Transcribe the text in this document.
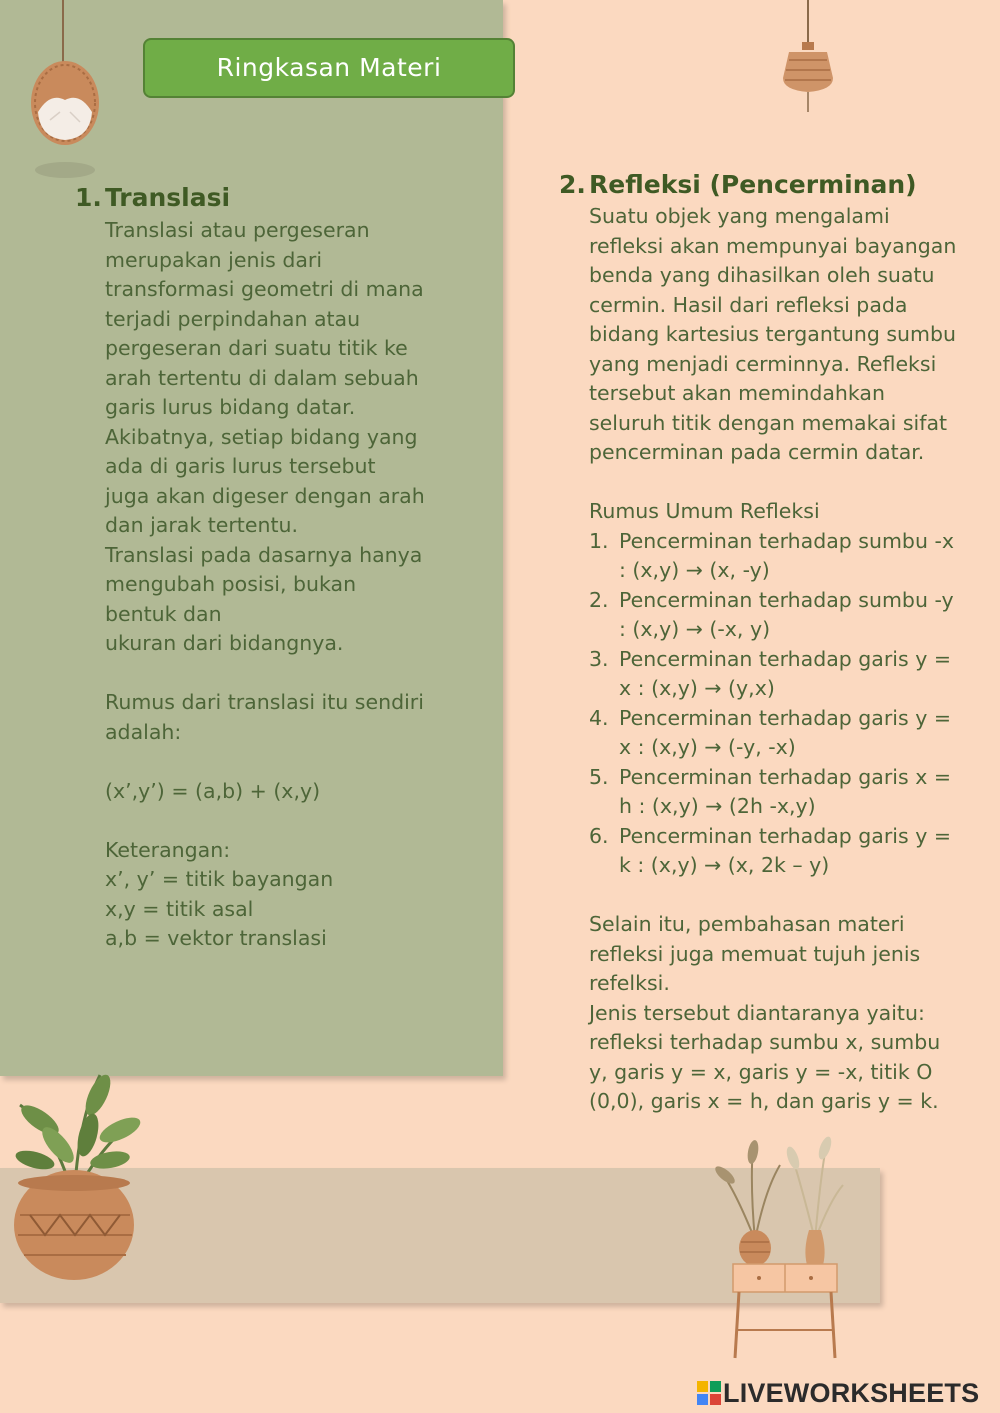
Ringkasan Materi
1. Translasi

Translasi atau pergeseran

merupakan jenis dari

transformasi geometri di mana

terjadi perpindahan atau

pergeseran dari suatu titik ke

arah tertentu di dalam sebuah

garis lurus bidang datar.

Akibatnya, setiap bidang yang

ada di garis lurus tersebut

juga akan digeser dengan arah

dan jarak tertentu.

Translasi pada dasarnya hanya

mengubah posisi, bukan

bentuk dan

ukuran dari bidangnya.

Rumus dari translasi itu sendiri

adalah:

(x’,y’) = (a,b) + (x,y)

Keterangan:

x’, y’ = titik bayangan

x,y = titik asal

a,b = vektor translasi

2. Refleksi (Pencerminan)

Suatu objek yang mengalami

refleksi akan mempunyai bayangan

benda yang dihasilkan oleh suatu

cermin. Hasil dari refleksi pada

bidang kartesius tergantung sumbu

yang menjadi cerminnya. Refleksi

tersebut akan memindahkan

seluruh titik dengan memakai sifat

pencerminan pada cermin datar.

Rumus Umum Refleksi

1. Pencerminan terhadap sumbu -x
: (x,y) → (x, -y)
2. Pencerminan terhadap sumbu -y
: (x,y) → (-x, y)
3. Pencerminan terhadap garis y =
x : (x,y) → (y,x)
4. Pencerminan terhadap garis y =
x : (x,y) → (-y, -x)
5. Pencerminan terhadap garis x =
h : (x,y) → (2h -x,y)
6. Pencerminan terhadap garis y =
k : (x,y) → (x, 2k – y)

Selain itu, pembahasan materi

refleksi juga memuat tujuh jenis

refelksi.

Jenis tersebut diantaranya yaitu:

refleksi terhadap sumbu x, sumbu

y, garis y = x, garis y = -x, titik O

(0,0), garis x = h, dan garis y = k.

LIVEWORKSHEETS
